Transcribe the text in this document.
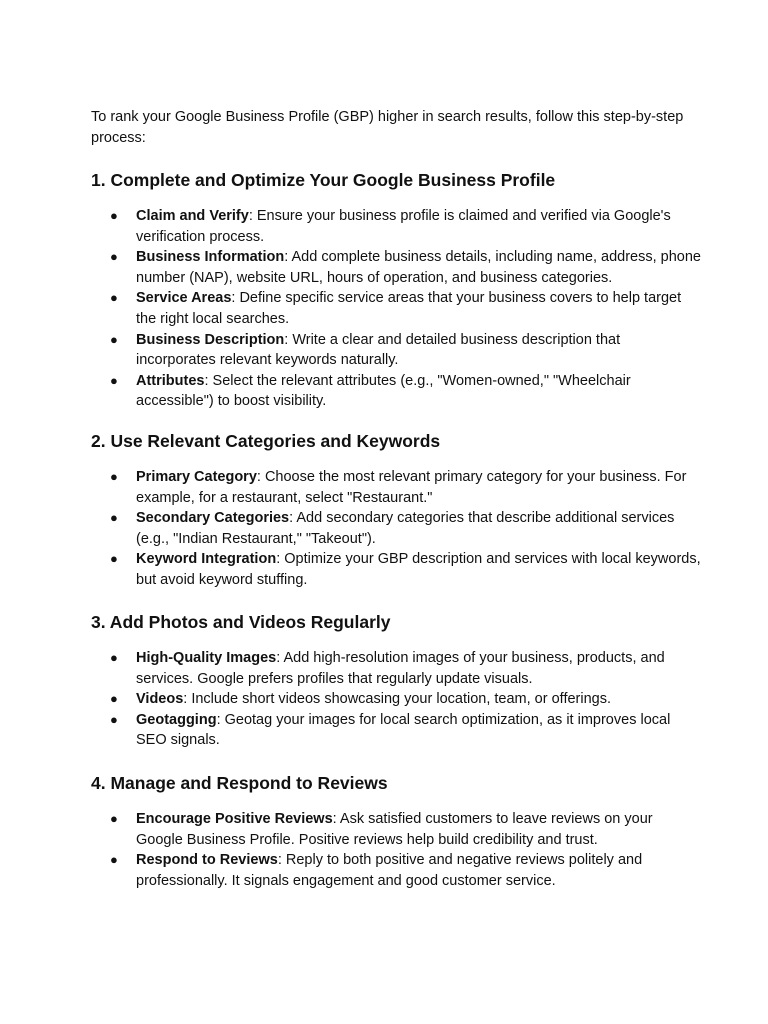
To rank your Google Business Profile (GBP) higher in search results, follow this step-by-step process:

1. Complete and Optimize Your Google Business Profile
● Claim and Verify: Ensure your business profile is claimed and verified via Google's verification process.
● Business Information: Add complete business details, including name, address, phone number (NAP), website URL, hours of operation, and business categories.
● Service Areas: Define specific service areas that your business covers to help target the right local searches.
● Business Description: Write a clear and detailed business description that incorporates relevant keywords naturally.
● Attributes: Select the relevant attributes (e.g., "Women-owned," "Wheelchair accessible") to boost visibility.
2. Use Relevant Categories and Keywords
● Primary Category: Choose the most relevant primary category for your business. For example, for a restaurant, select "Restaurant."
● Secondary Categories: Add secondary categories that describe additional services (e.g., "Indian Restaurant," "Takeout").
● Keyword Integration: Optimize your GBP description and services with local keywords, but avoid keyword stuffing.
3. Add Photos and Videos Regularly
● High-Quality Images: Add high-resolution images of your business, products, and services. Google prefers profiles that regularly update visuals.
● Videos: Include short videos showcasing your location, team, or offerings.
● Geotagging: Geotag your images for local search optimization, as it improves local SEO signals.
4. Manage and Respond to Reviews
● Encourage Positive Reviews: Ask satisfied customers to leave reviews on your Google Business Profile. Positive reviews help build credibility and trust.
● Respond to Reviews: Reply to both positive and negative reviews politely and professionally. It signals engagement and good customer service.
